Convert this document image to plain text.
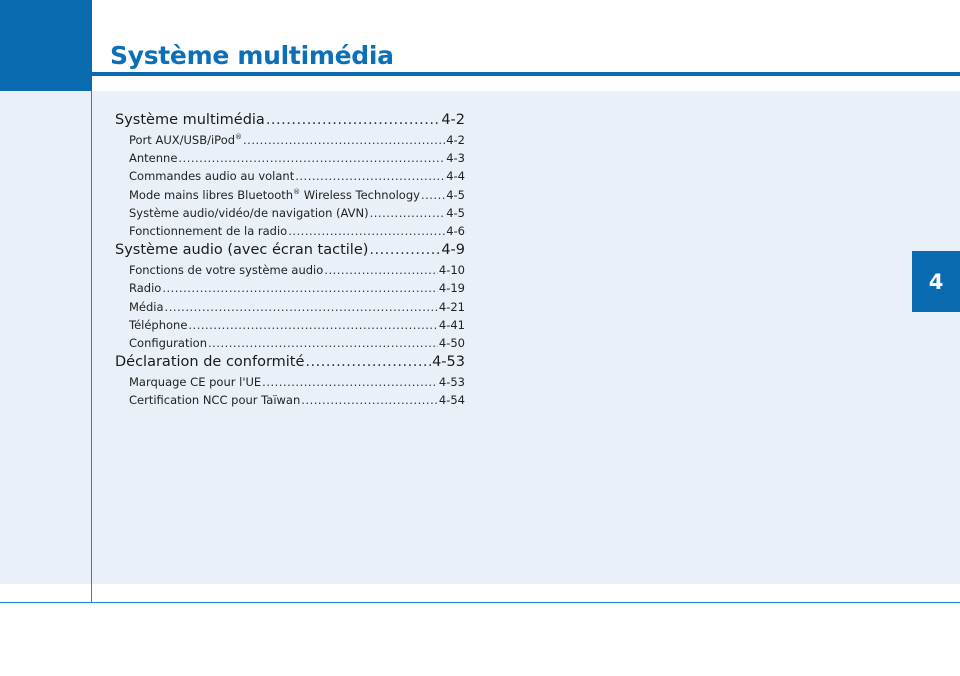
Système multimédia
4
Système multimédia .....	4-2
Port AUX/USB/iPod® .....	4-2
Antenne .....	4-3
Commandes audio au volant .....	4-4
Mode mains libres Bluetooth® Wireless Technology ..... 4-5
Système audio/vidéo/de navigation (AVN) .....	4-5
Fonctionnement de la radio .....	4-6
Système audio (avec écran tactile) .....	4-9
Fonctions de votre système audio .....	4-10
Radio .....	4-19
Média .....	4-21
Téléphone .....	4-41
Configuration .....	4-50
Déclaration de conformité .....	4-53
Marquage CE pour l'UE .....	4-53
Certification NCC pour Taïwan .....	4-54
